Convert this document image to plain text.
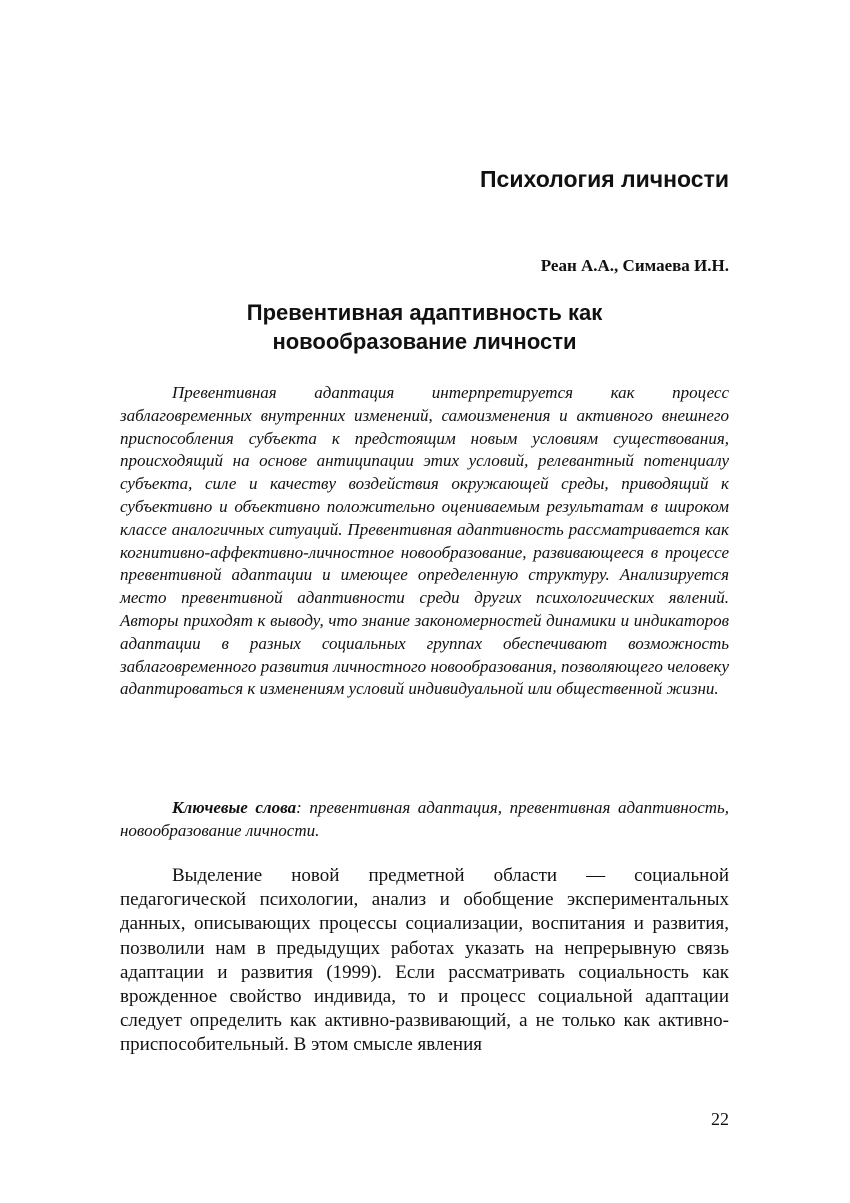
Психология личности
Реан А.А., Симаева И.Н.
Превентивная адаптивность как
новообразование личности

Превентивная адаптация интерпретируется как процесс заблаговременных внутренних изменений, самоизменения и активного внешнего приспособления субъекта к предстоящим новым условиям существования, происходящий на основе антиципации этих условий, релевантный потенциалу субъекта, силе и качеству воздействия окружающей среды, приводящий к субъективно и объективно положительно оцениваемым результатам в широком классе аналогичных ситуаций. Превентивная адаптивность рассматривается как когнитивно-аффективно-личностное новообразование, развивающееся в процессе превентивной адаптации и имеющее определенную структуру. Анализируется место превентивной адаптивности среди других психологических явлений. Авторы приходят к выводу, что знание закономерностей динамики и индикаторов адаптации в разных социальных группах обеспечивают возможность заблаговременного развития личностного новообразования, позволяющего человеку адаптироваться к изменениям условий индивидуальной или общественной жизни.

Ключевые слова: превентивная адаптация, превентивная адаптивность, новообразование личности.

Выделение новой предметной области — социальной педагогической психологии, анализ и обобщение экспериментальных данных, описывающих процессы социализации, воспитания и развития, позволили нам в предыдущих работах указать на непрерывную связь адаптации и развития (1999). Если рассматривать социальность как врожденное свойство индивида, то и процесс социальной адаптации следует определить как активно-развивающий, а не только как активно-приспособительный. В этом смысле явления

22
